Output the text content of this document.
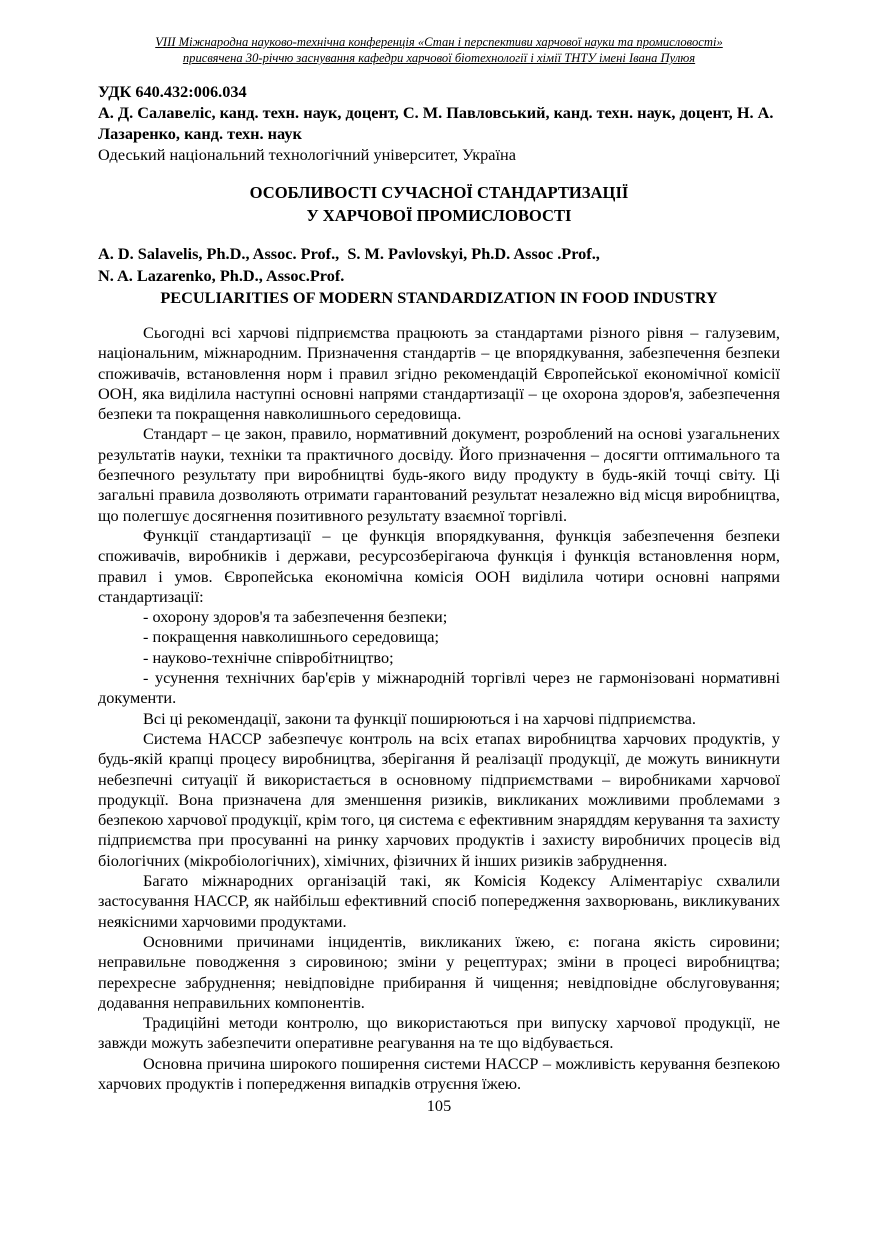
VIII Міжнародна науково-технічна конференція «Стан і перспективи харчової науки та промисловості»
присвячена 30-річчю заснування кафедри харчової біотехнології і хімії ТНТУ імені Івана Пулюя
УДК 640.432:006.034
А. Д. Салавеліс, канд. техн. наук, доцент, С. М. Павловський, канд. техн. наук, доцент, Н. А. Лазаренко, канд. техн. наук
Одеський національний технологічний університет, Україна
ОСОБЛИВОСТІ СУЧАСНОЇ СТАНДАРТИЗАЦІЇ
У ХАРЧОВОЇ ПРОМИСЛОВОСТІ
A. D. Salavelis, Ph.D., Assoc. Prof.,  S. M. Pavlovskyi, Ph.D. Assoc .Prof.,
N. A. Lazarenko, Ph.D., Assoc.Prof.
PECULIARITIES OF MODERN STANDARDIZATION IN FOOD INDUSTRY

Сьогодні всі харчові підприємства працюють за стандартами різного рівня – галузевим, національним, міжнародним. Призначення стандартів – це впорядкування, забезпечення безпеки споживачів, встановлення норм і правил згідно рекомендацій Європейської економічної комісії ООН, яка виділила наступні основні напрями стандартизації – це охорона здоров'я, забезпечення безпеки та покращення навколишнього середовища.

Стандарт – це закон, правило, нормативний документ, розроблений на основі узагальнених результатів науки, техніки та практичного досвіду. Його призначення – досягти оптимального та безпечного результату при виробництві будь-якого виду продукту в будь-якій точці світу. Ці загальні правила дозволяють отримати гарантований результат незалежно від місця виробництва, що полегшує досягнення позитивного результату взаємної торгівлі.

Функції стандартизації – це функція впорядкування, функція забезпечення безпеки споживачів, виробників і держави, ресурсозберігаюча функція і функція встановлення норм, правил і умов. Європейська економічна комісія ООН виділила чотири основні напрями стандартизації:

- охорону здоров'я та забезпечення безпеки;

- покращення навколишнього середовища;

- науково-технічне співробітництво;

- усунення технічних бар'єрів у міжнародній торгівлі через не гармонізовані нормативні документи.

Всі ці рекомендації, закони та функції поширюються і на харчові підприємства.

Система НАССР забезпечує контроль на всіх етапах виробництва харчових продуктів, у будь-якій крапці процесу виробництва, зберігання й реалізації продукції, де можуть виникнути небезпечні ситуації й використається в основному підприємствами – виробниками харчової продукції. Вона призначена для зменшення ризиків, викликаних можливими проблемами з безпекою харчової продукції, крім того, ця система є ефективним знаряддям керування та захисту підприємства при просуванні на ринку харчових продуктів і захисту виробничих процесів від біологічних (мікробіологічних), хімічних, фізичних й інших ризиків забруднення.

Багато міжнародних організацій такі, як Комісія Кодексу Аліментаріус схвалили застосування НАССР, як найбільш ефективний спосіб попередження захворювань, викликуваних неякісними харчовими продуктами.

Основними причинами інцидентів, викликаних їжею, є: погана якість сировини; неправильне поводження з сировиною; зміни у рецептурах; зміни в процесі виробництва; перехресне забруднення; невідповідне прибирання й чищення; невідповідне обслуговування; додавання неправильних компонентів.

Традиційні методи контролю, що використаються при випуску харчової продукції, не завжди можуть забезпечити оперативне реагування на те що відбувається.

Основна причина широкого поширення системи НАССР – можливість керування безпекою харчових продуктів і попередження випадків отруєння їжею.

105
